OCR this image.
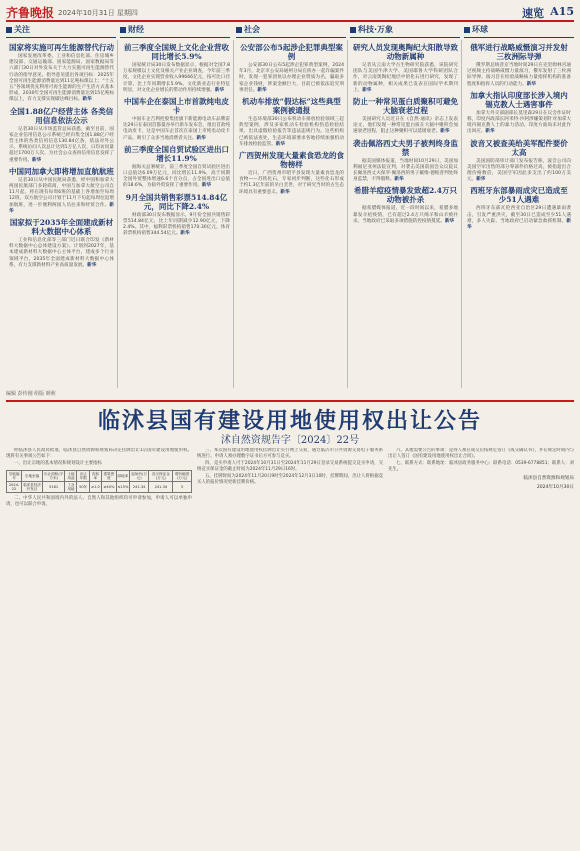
齐鲁晚报 2024年10月31日 星期四	速览 A15
关注	财经	社会	科技·万象	环球
国家将实施可再生能源替代行动
国家发展改革委、工业和信息化部、住房城乡建设部、交通运输部、国家能源局、国家数据局等六部门30日对外发布关于大力实施可再生能源替代行动的指导意见。指导意见提出各项目标：2025年全国可再生能源消费量达到11亿吨标煤以上；“十五五”各领域优先利用可再生能源的生产生活方式基本形成，2030年全国可再生能源消费量达到15亿吨标煤以上，有力支撑实现碳达峰目标。新华
全国1.88亿户经营主体 各类信用信息依法公示
记者30日从市场监管总局获悉，截至目前，国家企业信用信息公示系统已经归集全国1.88亿户经营主体的各类信用信息130.84亿条，依法对外公示，系统访问人次总计达到1万亿人次，日均访问量超过1700万人次。为社会公众查询信用信息发挥了重要作用。新华
中国同加拿大即将增加直航航班
记者30日从中国民航局获悉，经中国和加拿大两国民航部门多轮磋商，中国与加拿大航空公司自11月起，将在现有每周6班的基础上各增加至每周12班，双方航空公司计划于11月下旬起每周往返增加航班，进一步便利两国人员往来和经贸合作。新华
国家拟于2035年全面建成新材料大数据中心体系
工业和信息化部等三部门近日联合印发《新材料大数据中心总体建设方案》。计划到2027年，基本建成新材料大数据中心主体平台，建成多个行业领域平台，2035年全面建成新材料大数据中心体系，有力支撑新材料产业高质量发展。新华
前三季度全国规上文化企业营收同比增长5.9%
国家统计局30日发布数据显示，根据对全国7.8万家规模以上文化及相关产业企业调查，今年前三季度，文化企业实现营业收入99666亿元，按可比口径计算，比上年同期增长5.9%。文化新业态行业特征明显，对文化企业增长的带动作用持续增强。新华
中国车企在泰国上市首款纯电皮卡
中国车企吉利控股集团旗下新能源电动车品牌雷达29日在泰国首都曼谷举行新车发布会，推出首款纯电动皮卡，这是中国车企首次在泰国上市纯电动皮卡产品，吸引了众多当地消费者关注。新华
前三季度全国自贸试验区进出口增长11.9%
据海关总署统计，前三季度全国自贸试验区进出口总值达6.09万亿元，同比增长11.9%，高于同期全国外贸整体增速6.6个百分点，占全国进出口总值的18.6%，为稳外贸发挥了重要作用。新华
9月全国共销售彩票514.84亿元，同比下降2.4%
财政部30日发布数据显示，9月份全国共销售彩票514.84亿元，比上年同期减少12.90亿元，下降2.4%。其中，福利彩票机构销售170.30亿元，体育彩票机构销售344.54亿元。新华
公安部公布5起涉企犯罪典型案例
公安部30日公布5起涉企犯罪典型案例，2024年3月，北京市公安局通州分局在侦办一起诈骗案件时，发现一犯罪团伙以办理企业资质为名，骗取多家企业钱财，涉案金额巨大，目前已被依法追究刑事责任。新华
机动车排放“假达标”这些典型案例被通报
生态环境部30日公布机动车排放检验领域三起典型案例，涉及多家机动车检验机构伪造检验结果、出具虚假检验报告等违法违规行为。这些机构已被依法查处，生态环境部要求各地持续加强机动车排放检验监管。新华
广西贺州发现大量素食恐龙的食物榜样
近日，广西贺州市昭平县发现大量素食恐龙的食物——苏铁化石，专家初步判断，这些化石形成于约1.3亿年前的早白垩世，对于研究当时的古生态环境具有重要意义。新华
研究人员发现奥陶纪大阳散导致动物新属种
记者从云南大学古生物研究院获悉，该院研究团队与美国牛津大学、美国耶鲁大学科研团队合作，对云南奥陶纪地层中的化石进行研究，发现了新的动物属种，相关成果已发表在国际学术期刊上。新华
防止一种常见蛋白质聚积可避免大脑衰老过程
美国研究人员近日在《自然·通讯》杂志上发表论文，他们发现一种常见蛋白质在大脑中聚积会加速衰老进程，阻止这种聚积可以延缓衰老。新华
袭击佩洛西丈夫男子被判终身监禁
据美国媒体报道，当地时间10月29日，美国加利福尼亚州法院宣判，对袭击美国前国会众议院议长佩洛西丈夫保罗·佩洛西的男子戴维·德帕普判处终身监禁，不得假释。新华
希腊羊痘疫情暴发致超2.4万只动物被扑杀
据希腊媒体报道，近一段时间以来，希腊多地暴发羊痘疫情，已有超过2.4万只绵羊和山羊被扑杀，当地政府已采取多项措施防控疫情蔓延。新华
俄军进行战略威慑演习并发射三枚洲际导弹
俄罗斯总统普京当地时间29日在克里姆林宫通过视频主持战略威慑力量演习，俄军发射了三枚洲际导弹。演习旨在检验战略核力量指挥机构的准备程度和指挥人员的行动能力。新华
加拿大指认印度部长涉入境内锡克教人士遇害事件
加拿大外交部副部长莫里森29日在议会作证时称，印度内政部长阿米特·沙阿涉嫌策划针对加拿大境内锡克教人士的暴力活动。印度方面尚未对此作出回应。新华
波音又被查美给美军配件要价太高
美国国防部审计部门发布报告称，波音公司向美国空军出售的部分零部件价格过高，被指超出合理价格数倍，美国空军因此多支出了约100万美元。新华
西班牙东部暴雨成灾已造成至少51人遇难
西班牙东部瓦伦西亚自治区29日遭遇暴雨袭击，引发严重洪灾，截至30日已造成至少51人遇难，多人失踪，当地政府已启动紧急救援机制。新华
编辑 彭传刚 组版 颜莉
临沭县国有建设用地使用权出让公告
沭自然资规告字〔2024〕22号
经临沭县人民政府批准，临沭县自然资源和规划局决定挂牌出让1宗国有建设用地使用权。现将有关事项公告如下：
一、出让宗地的基本情况和规划设计主要指标
宗地编号	宗地坐落	出让面积(平方米)	土地用途	出让年限	容积率	建筑密度	绿地率	起始价(万元)	竞买保证金(万元)	增价幅度(万元)
2024-22	临沭县经济开发区	5161	工业用地	50年	≥1.0	≥40%	≤15%	241.34	241.34	5
二、中华人民共和国境内外的法人、自然人和其他组织均可申请参加，申请人可以单独申请，也可以联合申请。
三、本次国有建设用地使用权挂牌出让实行网上交易，通过临沂市公共资源交易电子服务系统进行。申请人须办理数字证书后方可参与竞买。
四、竞买申请人可于2024年10月31日至2024年11月29日登录交易系统提交竞买申请，交纳竞买保证金的截止时间为2024年11月29日16时。
五、挂牌时间为2024年11月20日9时至2024年12月3日10时，挂牌期间，出让人将根据竞买人的报价情况更新挂牌价格。
六、其他需要公告的事项：竞得人须在成交后按规定签订《成交确认书》，并在规定时间内与出让人签订《国有建设用地使用权出让合同》。
七、联系方式：联系地址：临沭县政务服务中心；联系电话：0539-6778851；联系人：刘先生。
临沭县自然资源和规划局
2024年10月30日
